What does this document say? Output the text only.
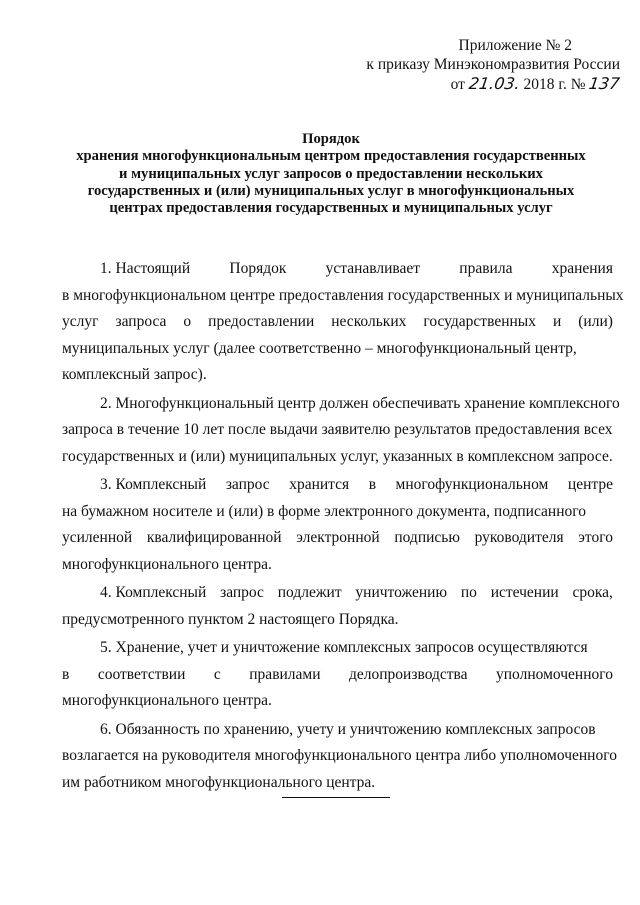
Приложение № 2
к приказу Минэкономразвития России
от 21.03. 2018 г. № 137
Порядок
хранения многофункциональным центром предоставления государственных
и муниципальных услуг запросов о предоставлении нескольких
государственных и (или) муниципальных услуг в многофункциональных
центрах предоставления государственных и муниципальных услуг
1. Настоящий	Порядок	устанавливает	правила	хранения
в многофункциональном центре предоставления государственных и муниципальных
услуг запроса о предоставлении нескольких государственных и (или)
муниципальных услуг (далее соответственно – многофункциональный центр,
комплексный запрос).
2. Многофункциональный центр должен обеспечивать хранение комплексного
запроса в течение 10 лет после выдачи заявителю результатов предоставления всех
государственных и (или) муниципальных услуг, указанных в комплексном запросе.
3. Комплексный запрос хранится в многофункциональном центре
на бумажном носителе и (или) в форме электронного документа, подписанного
усиленной квалифицированной электронной подписью руководителя этого
многофункционального центра.
4. Комплексный запрос подлежит уничтожению по истечении срока,
предусмотренного пунктом 2 настоящего Порядка.
5. Хранение, учет и уничтожение комплексных запросов осуществляются
в соответствии с правилами делопроизводства уполномоченного
многофункционального центра.
6. Обязанность по хранению, учету и уничтожению комплексных запросов
возлагается на руководителя многофункционального центра либо уполномоченного
им работником многофункционального центра.
